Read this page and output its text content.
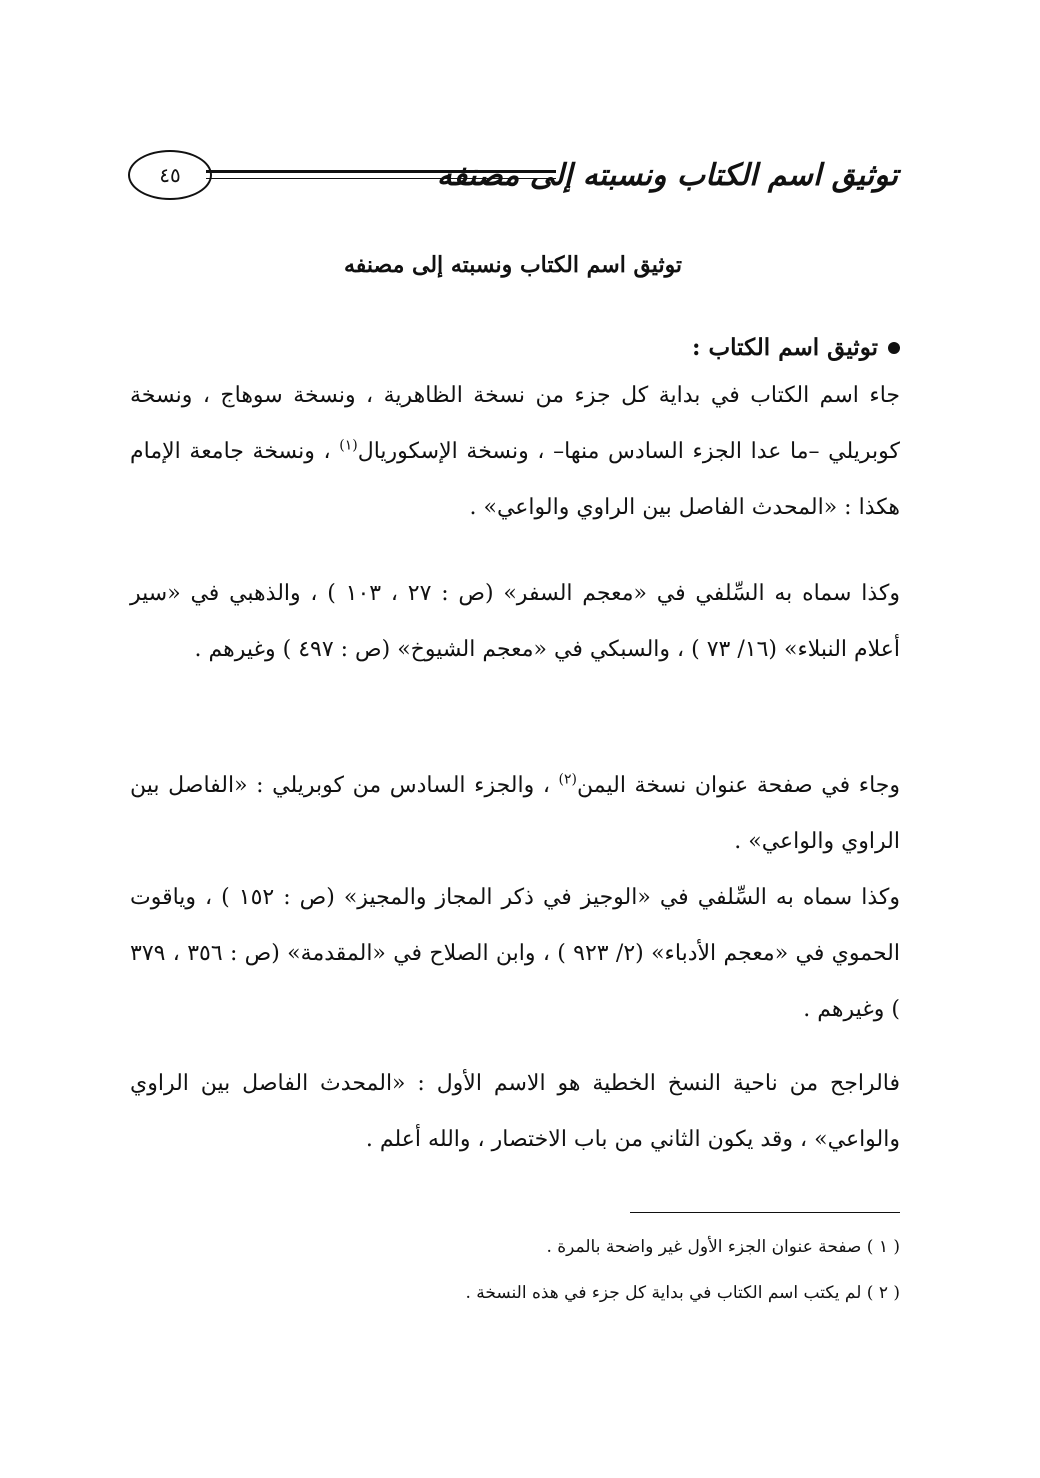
توثيق اسم الكتاب ونسبته إلى مصنفه
٤٥
توثيق اسم الكتاب ونسبته إلى مصنفه
توثيق اسم الكتاب :

جاء اسم الكتاب في بداية كل جزء من نسخة الظاهرية ، ونسخة سوهاج ، ونسخة كوبريلي –ما عدا الجزء السادس منها– ، ونسخة الإسكوريال$^{(١)}$ ، ونسخة جامعة الإمام هكذا : «المحدث الفاصل بين الراوي والواعي» .

وكذا سماه به السِّلفي في «معجم السفر» (ص : ٢٧ ، ١٠٣ ) ، والذهبي في «سير أعلام النبلاء» (١٦/ ٧٣ ) ، والسبكي في «معجم الشيوخ» (ص : ٤٩٧ ) وغيرهم .

وجاء في صفحة عنوان نسخة اليمن$^{(٢)}$ ، والجزء السادس من كوبريلي : «الفاصل بين الراوي والواعي» .

وكذا سماه به السِّلفي في «الوجيز في ذكر المجاز والمجيز» (ص : ١٥٢ ) ، وياقوت الحموي في «معجم الأدباء» (٢/ ٩٢٣ ) ، وابن الصلاح في «المقدمة» (ص : ٣٥٦ ، ٣٧٩ ) وغيرهم .

فالراجح من ناحية النسخ الخطية هو الاسم الأول : «المحدث الفاصل بين الراوي والواعي» ، وقد يكون الثاني من باب الاختصار ، والله أعلم .

( ١ ) صفحة عنوان الجزء الأول غير واضحة بالمرة .
( ٢ ) لم يكتب اسم الكتاب في بداية كل جزء في هذه النسخة .
